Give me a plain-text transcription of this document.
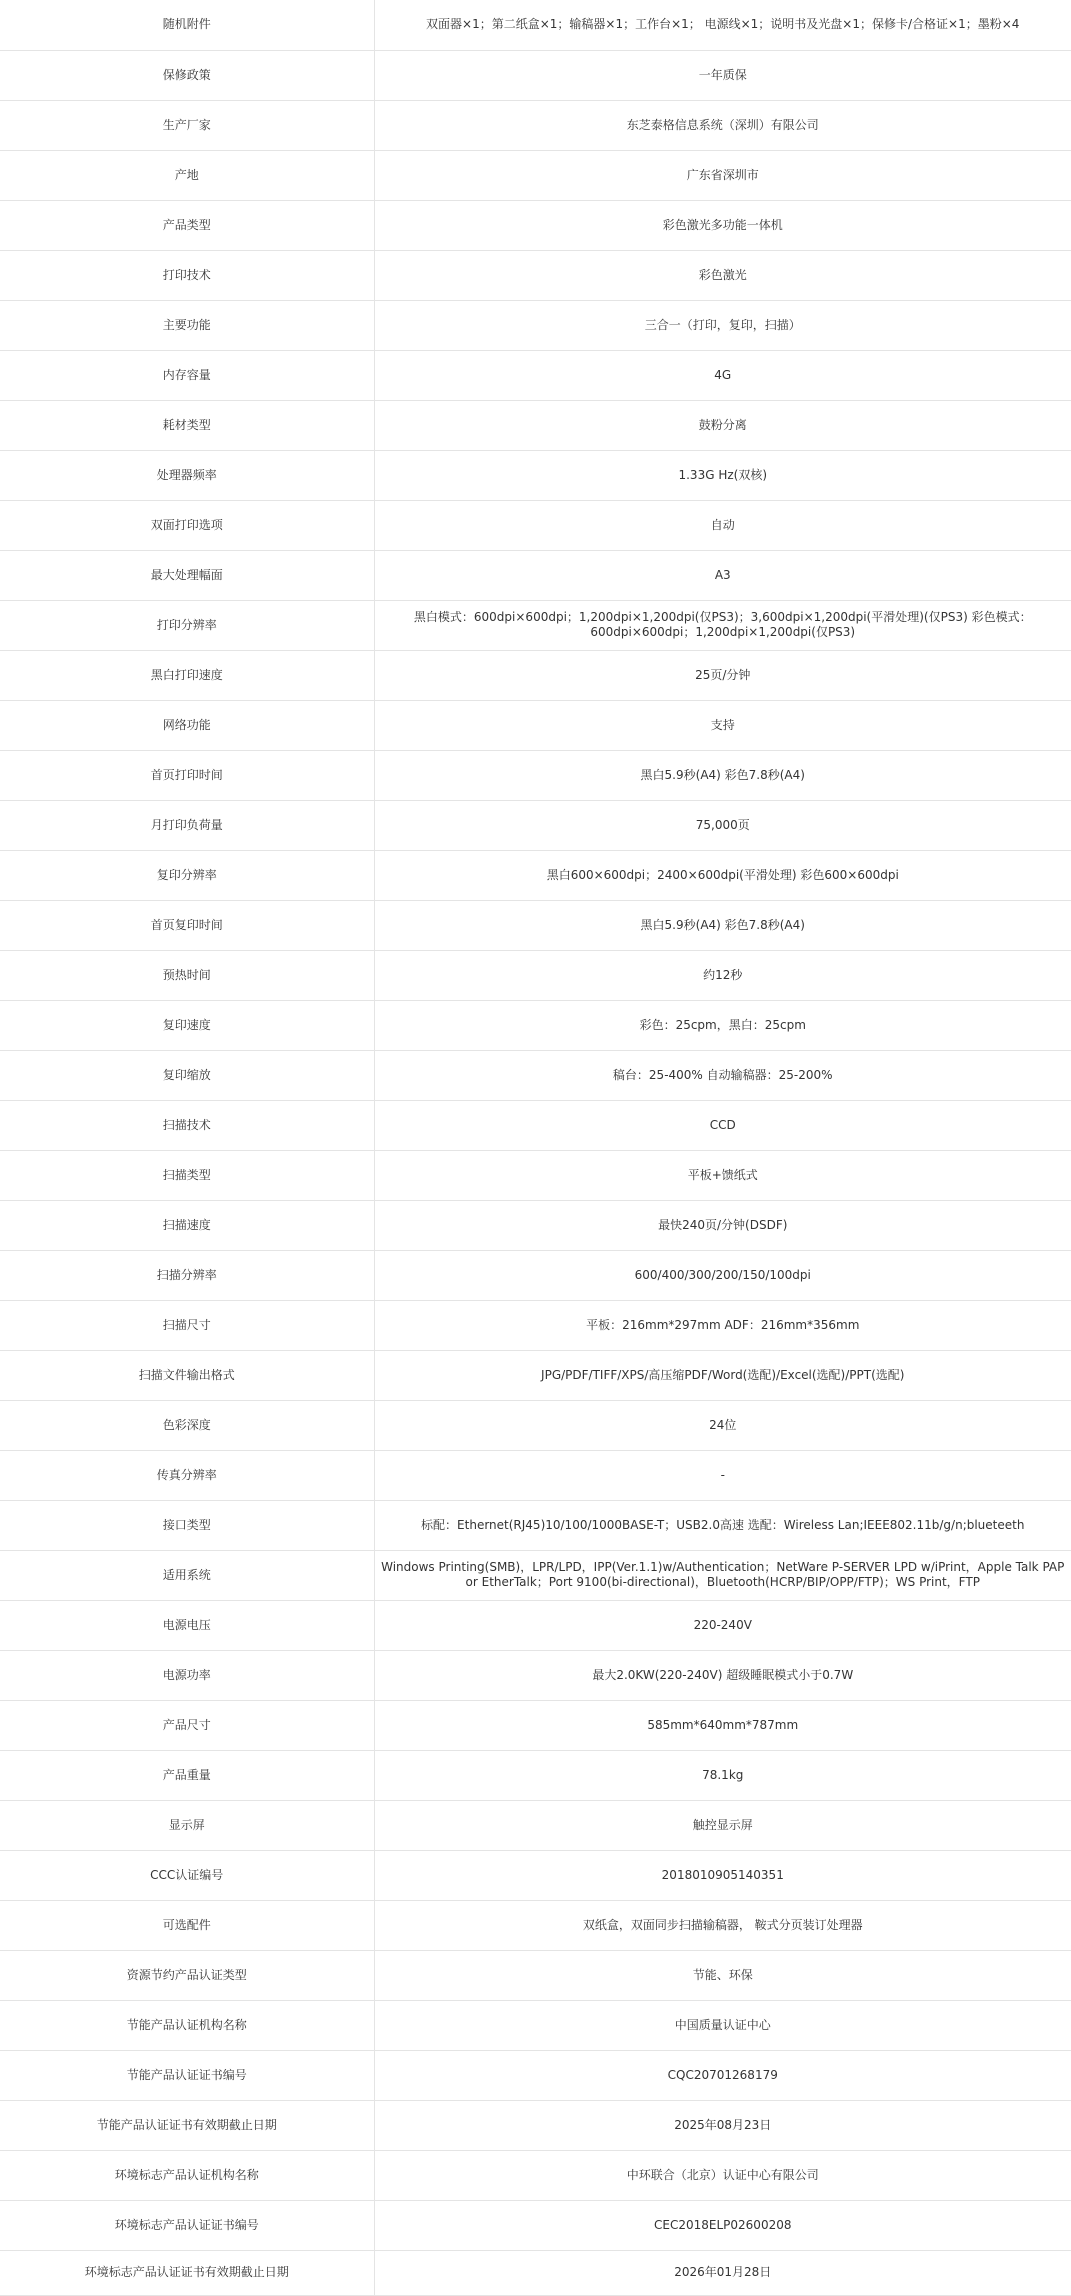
随机附件	双面器×1；第二纸盒×1；输稿器×1；工作台×1； 电源线×1；说明书及光盘×1；保修卡/合格证×1；墨粉×4
保修政策	一年质保
生产厂家	东芝泰格信息系统（深圳）有限公司
产地	广东省深圳市
产品类型	彩色激光多功能一体机
打印技术	彩色激光
主要功能	三合一（打印，复印，扫描）
内存容量	4G
耗材类型	鼓粉分离
处理器频率	1.33G Hz(双核)
双面打印选项	自动
最大处理幅面	A3
打印分辨率	黑白模式：600dpi×600dpi；1,200dpi×1,200dpi(仅PS3)；3,600dpi×1,200dpi(平滑处理)(仅PS3) 彩色模式：600dpi×600dpi；1,200dpi×1,200dpi(仅PS3)
黑白打印速度	25页/分钟
网络功能	支持
首页打印时间	黑白5.9秒(A4) 彩色7.8秒(A4)
月打印负荷量	75,000页
复印分辨率	黑白600×600dpi；2400×600dpi(平滑处理) 彩色600×600dpi
首页复印时间	黑白5.9秒(A4) 彩色7.8秒(A4)
预热时间	约12秒
复印速度	彩色：25cpm，黑白：25cpm
复印缩放	稿台：25-400% 自动输稿器：25-200%
扫描技术	CCD
扫描类型	平板+馈纸式
扫描速度	最快240页/分钟(DSDF)
扫描分辨率	600/400/300/200/150/100dpi
扫描尺寸	平板：216mm*297mm ADF：216mm*356mm
扫描文件输出格式	JPG/PDF/TIFF/XPS/高压缩PDF/Word(选配)/Excel(选配)/PPT(选配)
色彩深度	24位
传真分辨率	-
接口类型	标配：Ethernet(RJ45)10/100/1000BASE-T；USB2.0高速 选配：Wireless Lan;IEEE802.11b/g/n;blueteeth
适用系统	Windows Printing(SMB)，LPR/LPD，IPP(Ver.1.1)w/Authentication；NetWare P-SERVER LPD w/iPrint，Apple Talk PAP or EtherTalk；Port 9100(bi-directional)，Bluetooth(HCRP/BIP/OPP/FTP)；WS Print，FTP
电源电压	220-240V
电源功率	最大2.0KW(220-240V) 超级睡眠模式小于0.7W
产品尺寸	585mm*640mm*787mm
产品重量	78.1kg
显示屏	触控显示屏
CCC认证编号	2018010905140351
可选配件	双纸盒，双面同步扫描输稿器， 鞍式分页装订处理器
资源节约产品认证类型	节能、环保
节能产品认证机构名称	中国质量认证中心
节能产品认证证书编号	CQC20701268179
节能产品认证证书有效期截止日期	2025年08月23日
环境标志产品认证机构名称	中环联合（北京）认证中心有限公司
环境标志产品认证证书编号	CEC2018ELP02600208
环境标志产品认证证书有效期截止日期	2026年01月28日
